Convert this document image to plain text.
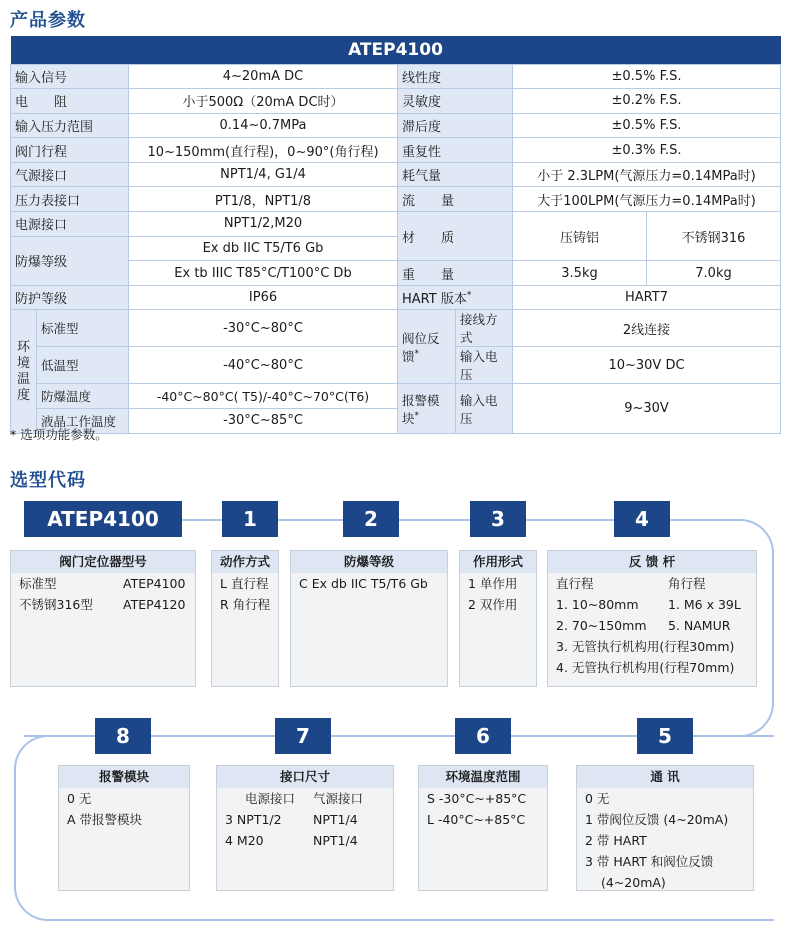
产品参数
ATEP4100						
输入信号		4~20mA DC	线性度		±0.5% F.S.	
电　　阻		小于500Ω（20mA DC时）	灵敏度		±0.2% F.S.	
输入压力范围		0.14~0.7MPa	滞后度		±0.5% F.S.	
阀门行程		10~150mm(直行程)，0~90°(角行程)	重复性		±0.3% F.S.	
气源接口		NPT1/4, G1/4	耗气量		小于 2.3LPM(气源压力=0.14MPa时)	
压力表接口		PT1/8，NPT1/8	流　　量		大于100LPM(气源压力=0.14MPa时)	
电源接口		NPT1/2,M20	材　　质		压铸铝	不锈钢316
防爆等级		Ex db IIC T5/T6 Gb				
		Ex tb IIIC T85°C/T100°C Db	重　　量		3.5kg	7.0kg
防护等级		IP66	HART 版本*		HART7	
环境温度	标准型	-30°C~80°C	阀位反馈*	接线方式	2线连接	
	低温型	-40°C~80°C		输入电压	10~30V DC	
	防爆温度	-40°C~80°C( T5)/-40°C~70°C(T6)	报警模块*	输入电压	9~30V	
	液晶工作温度	-30°C~85°C				
* 选项功能参数。
选型代码
ATEP4100	1	2	3	4
8	7	6	5
阀门定位器型号
标准型	ATEP4100
不锈钢316型	ATEP4120
动作方式
L 直行程
R 角行程
防爆等级
C Ex db IIC T5/T6 Gb
作用形式
1 单作用
2 双作用
反 馈 杆
直行程	角行程
1. 10~80mm	1. M6 x 39L
2. 70~150mm	5. NAMUR
3. 无管执行机构用(行程30mm)
4. 无管执行机构用(行程70mm)
报警模块
0 无
A 带报警模块
接口尺寸
电源接口	气源接口
3 NPT1/2	NPT1/4
4 M20	NPT1/4
环境温度范围
S -30°C~+85°C
L -40°C~+85°C
通 讯
0 无
1 带阀位反馈 (4~20mA)
2 带 HART
3 带 HART 和阀位反馈
(4~20mA)
